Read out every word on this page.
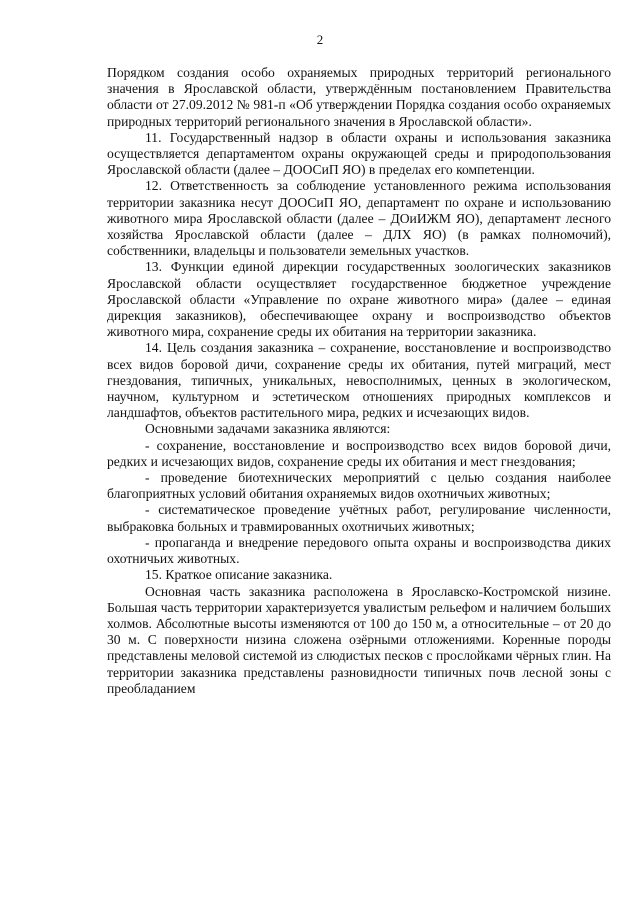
2

Порядком создания особо охраняемых природных территорий регионального значения в Ярославской области, утверждённым постановлением Правительства области от 27.09.2012 № 981-п «Об утверждении Порядка создания особо охраняемых природных территорий регионального значения в Ярославской области».

11. Государственный надзор в области охраны и использования заказника осуществляется департаментом охраны окружающей среды и природопользования Ярославской области (далее – ДООСиП ЯО) в пределах его компетенции.

12. Ответственность за соблюдение установленного режима использования территории заказника несут ДООСиП ЯО, департамент по охране и использованию животного мира Ярославской области (далее – ДОиИЖМ ЯО), департамент лесного хозяйства Ярославской области (далее – ДЛХ ЯО) (в рамках полномочий), собственники, владельцы и пользователи земельных участков.

13. Функции единой дирекции государственных зоологических заказников Ярославской области осуществляет государственное бюджетное учреждение Ярославской области «Управление по охране животного мира» (далее – единая дирекция заказников), обеспечивающее охрану и воспроизводство объектов животного мира, сохранение среды их обитания на территории заказника.

14. Цель создания заказника – сохранение, восстановление и воспроизводство всех видов боровой дичи, сохранение среды их обитания, путей миграций, мест гнездования, типичных, уникальных, невосполнимых, ценных в экологическом, научном, культурном и эстетическом отношениях природных комплексов и ландшафтов, объектов растительного мира, редких и исчезающих видов.

Основными задачами заказника являются:

- сохранение, восстановление и воспроизводство всех видов боровой дичи, редких и исчезающих видов, сохранение среды их обитания и мест гнездования;

- проведение биотехнических мероприятий с целью создания наиболее благоприятных условий обитания охраняемых видов охотничьих животных;

- систематическое проведение учётных работ, регулирование численности, выбраковка больных и травмированных охотничьих животных;

- пропаганда и внедрение передового опыта охраны и воспроизводства диких охотничьих животных.

15. Краткое описание заказника.

Основная часть заказника расположена в Ярославско-Костромской низине. Большая часть территории характеризуется увалистым рельефом и наличием больших холмов. Абсолютные высоты изменяются от 100 до 150 м, а относительные – от 20 до 30 м. С поверхности низина сложена озёрными отложениями. Коренные породы представлены меловой системой из слюдистых песков с прослойками чёрных глин. На территории заказника представлены разновидности типичных почв лесной зоны с преобладанием
